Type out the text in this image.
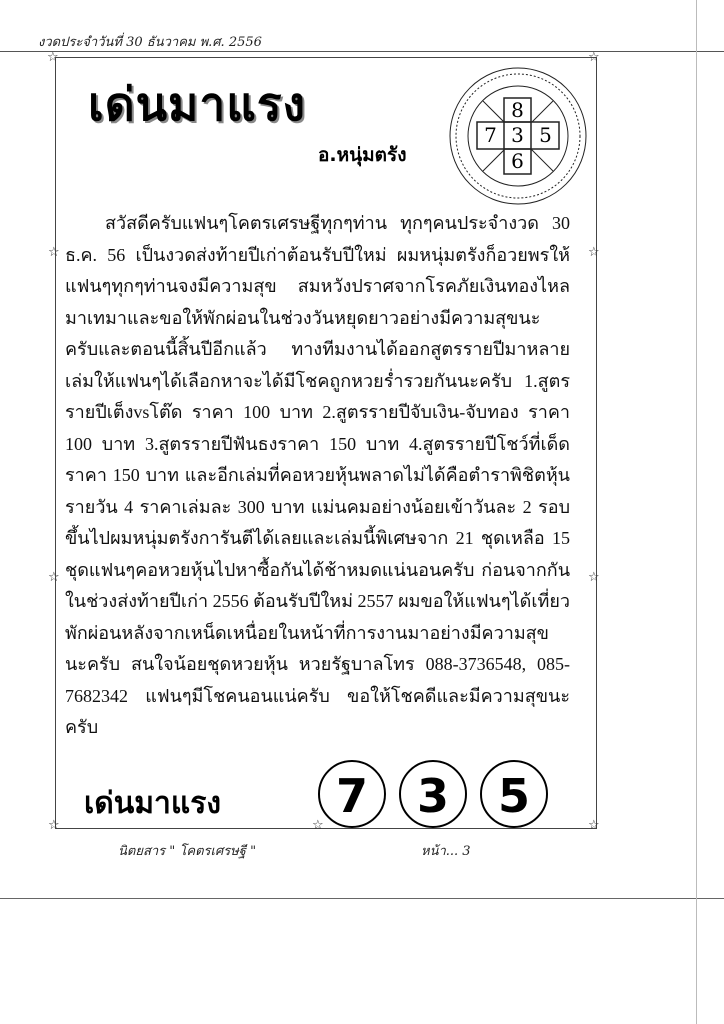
งวดประจำวันที่ 30 ธันวาคม พ.ศ. 2556
☆	☆
☆	☆
☆	☆
☆	☆	☆
เด่นมาแรง
อ.หนุ่มตรัง
8
7 3 5
6
สวัสดีครับแฟนๆโคตรเศรษฐีทุกๆท่าน ทุกๆคนประจำงวด 30 ธ.ค. 56 เป็นงวดส่งท้ายปีเก่าต้อนรับปีใหม่ ผมหนุ่มตรังก็อวยพรให้แฟนๆทุกๆท่านจงมีความสุข สมหวังปราศจากโรคภัยเงินทองไหลมาเทมาและขอให้พักผ่อนในช่วงวันหยุดยาวอย่างมีความสุขนะครับและตอนนี้สิ้นปีอีกแล้ว ทางทีมงานได้ออกสูตรรายปีมาหลายเล่มให้แฟนๆได้เลือกหาจะได้มีโชคถูกหวยร่ำรวยกันนะครับ 1.สูตรรายปีเต็งvsโต๊ด ราคา 100 บาท 2.สูตรรายปีจับเงิน-จับทอง ราคา 100 บาท 3.สูตรรายปีฟันธงราคา 150 บาท 4.สูตรรายปีโชว์ที่เด็ดราคา 150 บาท และอีกเล่มที่คอหวยหุ้นพลาดไม่ได้คือตำราพิชิตหุ้นรายวัน 4 ราคาเล่มละ 300 บาท แม่นคมอย่างน้อยเข้าวันละ 2 รอบขึ้นไปผมหนุ่มตรังการันตีได้เลยและเล่มนี้พิเศษจาก 21 ชุดเหลือ 15 ชุดแฟนๆคอหวยหุ้นไปหาซื้อกันได้ช้าหมดแน่นอนครับ ก่อนจากกันในช่วงส่งท้ายปีเก่า 2556 ต้อนรับปีใหม่ 2557 ผมขอให้แฟนๆได้เที่ยวพักผ่อนหลังจากเหน็ดเหนื่อยในหน้าที่การงานมาอย่างมีความสุขนะครับ สนใจน้อยชุดหวยหุ้น หวยรัฐบาลโทร 088-3736548, 085-7682342 แฟนๆมีโชคนอนแน่ครับ ขอให้โชคดีและมีความสุขนะครับ
เด่นมาแรง	7	3	5
นิตยสาร " โคตรเศรษฐี "	หน้า... 3
